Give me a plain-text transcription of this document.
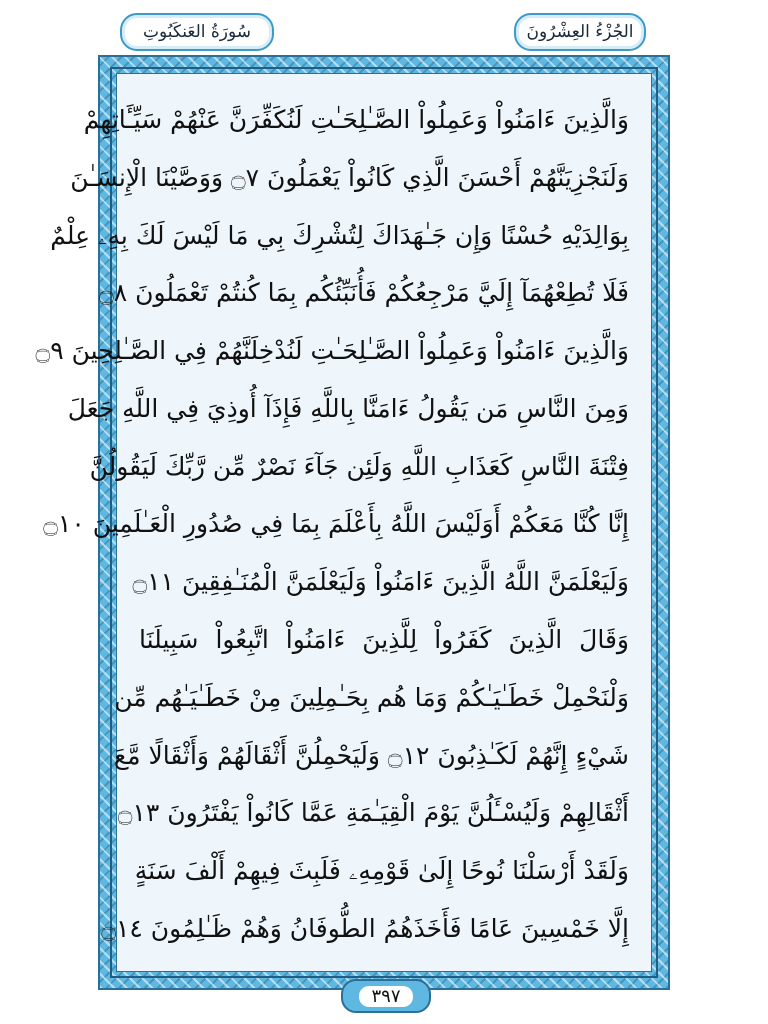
سُورَةُ العَنكَبُوتِ	الجُزْءُ العِشْرُونَ
وَالَّذِينَ ءَامَنُواْ وَعَمِلُواْ الصَّـٰلِحَـٰتِ لَنُكَفِّرَنَّ عَنْهُمْ سَيِّـَٔاتِهِمْ
وَلَنَجْزِيَنَّهُمْ أَحْسَنَ الَّذِي كَانُواْ يَعْمَلُونَ ۝٧ وَوَصَّيْنَا الْإِنسَـٰنَ
بِوَالِدَيْهِ حُسْنًا وَإِن جَـٰهَدَاكَ لِتُشْرِكَ بِي مَا لَيْسَ لَكَ بِهِۦ عِلْمٌ
فَلَا تُطِعْهُمَآ إِلَيَّ مَرْجِعُكُمْ فَأُنَبِّئُكُم بِمَا كُنتُمْ تَعْمَلُونَ ۝٨
وَالَّذِينَ ءَامَنُواْ وَعَمِلُواْ الصَّـٰلِحَـٰتِ لَنُدْخِلَنَّهُمْ فِي الصَّـٰلِحِينَ ۝٩
وَمِنَ النَّاسِ مَن يَقُولُ ءَامَنَّا بِاللَّهِ فَإِذَآ أُوذِيَ فِي اللَّهِ جَعَلَ
فِتْنَةَ النَّاسِ كَعَذَابِ اللَّهِ وَلَئِن جَآءَ نَصْرٌ مِّن رَّبِّكَ لَيَقُولُنَّ
إِنَّا كُنَّا مَعَكُمْ أَوَلَيْسَ اللَّهُ بِأَعْلَمَ بِمَا فِي صُدُورِ الْعَـٰلَمِينَ ۝١٠
وَلَيَعْلَمَنَّ اللَّهُ الَّذِينَ ءَامَنُواْ وَلَيَعْلَمَنَّ الْمُنَـٰفِقِينَ ۝١١
وَقَالَ الَّذِينَ كَفَرُواْ لِلَّذِينَ ءَامَنُواْ اتَّبِعُواْ سَبِيلَنَا
وَلْنَحْمِلْ خَطَـٰيَـٰكُمْ وَمَا هُم بِحَـٰمِلِينَ مِنْ خَطَـٰيَـٰهُم مِّن
شَيْءٍ إِنَّهُمْ لَكَـٰذِبُونَ ۝١٢ وَلَيَحْمِلُنَّ أَثْقَالَهُمْ وَأَثْقَالًا مَّعَ
أَثْقَالِهِمْ وَلَيُسْـَٔلُنَّ يَوْمَ الْقِيَـٰمَةِ عَمَّا كَانُواْ يَفْتَرُونَ ۝١٣
وَلَقَدْ أَرْسَلْنَا نُوحًا إِلَىٰ قَوْمِهِۦ فَلَبِثَ فِيهِمْ أَلْفَ سَنَةٍ
إِلَّا خَمْسِينَ عَامًا فَأَخَذَهُمُ الطُّوفَانُ وَهُمْ ظَـٰلِمُونَ ۝١٤
٣٩٧
